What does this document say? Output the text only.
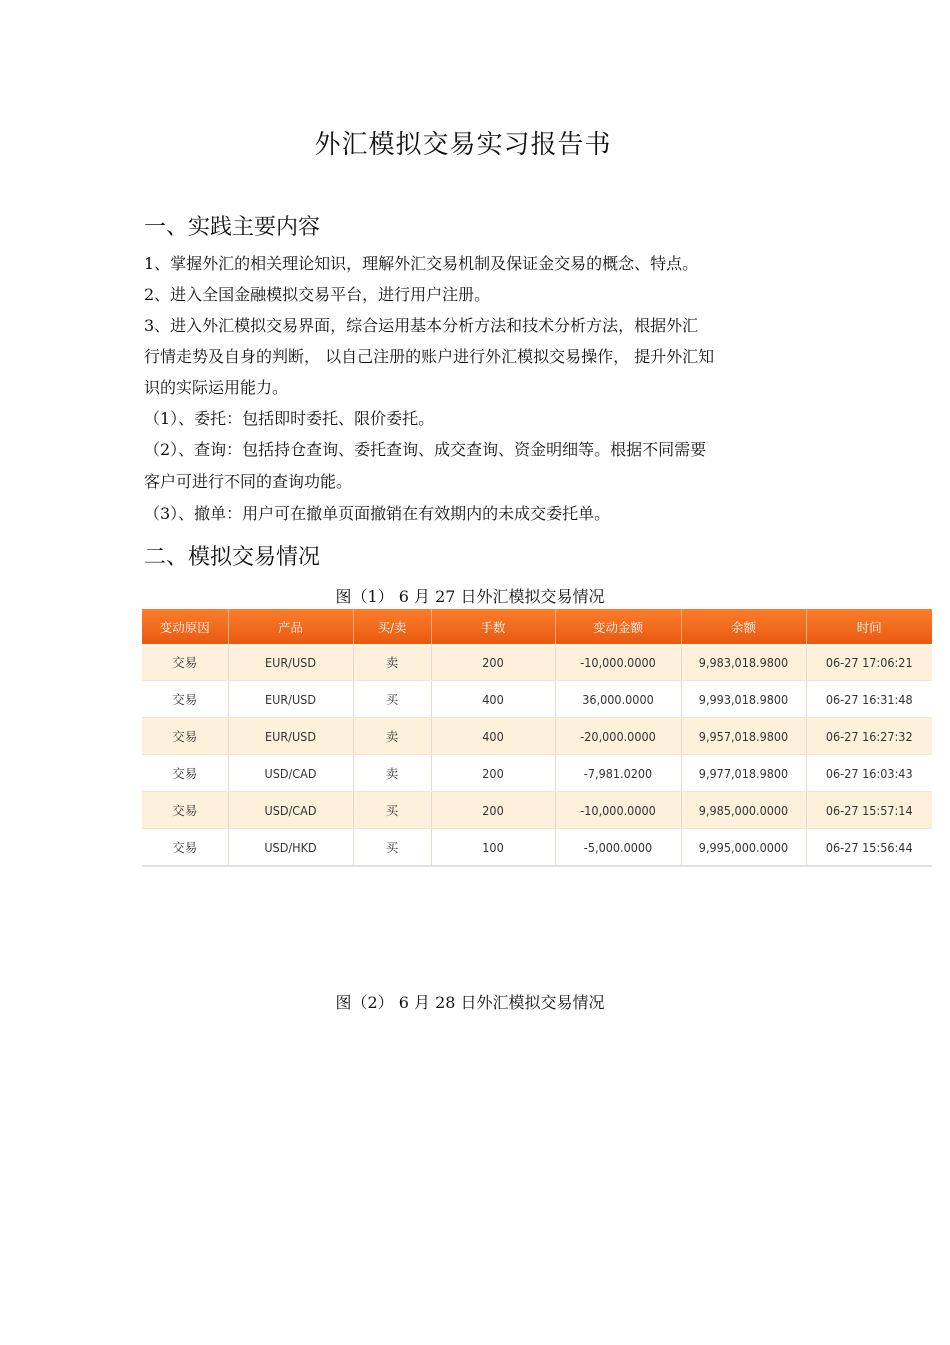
外汇模拟交易实习报告书
一、实践主要内容
1、掌握外汇的相关理论知识，理解外汇交易机制及保证金交易的概念、特点。
2、进入全国金融模拟交易平台，进行用户注册。
3、进入外汇模拟交易界面，综合运用基本分析方法和技术分析方法，根据外汇
行情走势及自身的判断， 以自己注册的账户进行外汇模拟交易操作， 提升外汇知
识的实际运用能力。
（1）、委托：包括即时委托、限价委托。
（2）、查询：包括持仓查询、委托查询、成交查询、资金明细等。根据不同需要
客户可进行不同的查询功能。
（3）、撤单：用户可在撤单页面撤销在有效期内的未成交委托单。
二、模拟交易情况
图（1） 6 月 27 日外汇模拟交易情况
变动原因	产品	买/卖	手数	变动金额	余额	时间
交易	EUR/USD	卖	200	-10,000.0000	9,983,018.9800	06-27 17:06:21
交易	EUR/USD	买	400	36,000.0000	9,993,018.9800	06-27 16:31:48
交易	EUR/USD	卖	400	-20,000.0000	9,957,018.9800	06-27 16:27:32
交易	USD/CAD	卖	200	-7,981.0200	9,977,018.9800	06-27 16:03:43
交易	USD/CAD	买	200	-10,000.0000	9,985,000.0000	06-27 15:57:14
交易	USD/HKD	买	100	-5,000.0000	9,995,000.0000	06-27 15:56:44
图（2） 6 月 28 日外汇模拟交易情况
